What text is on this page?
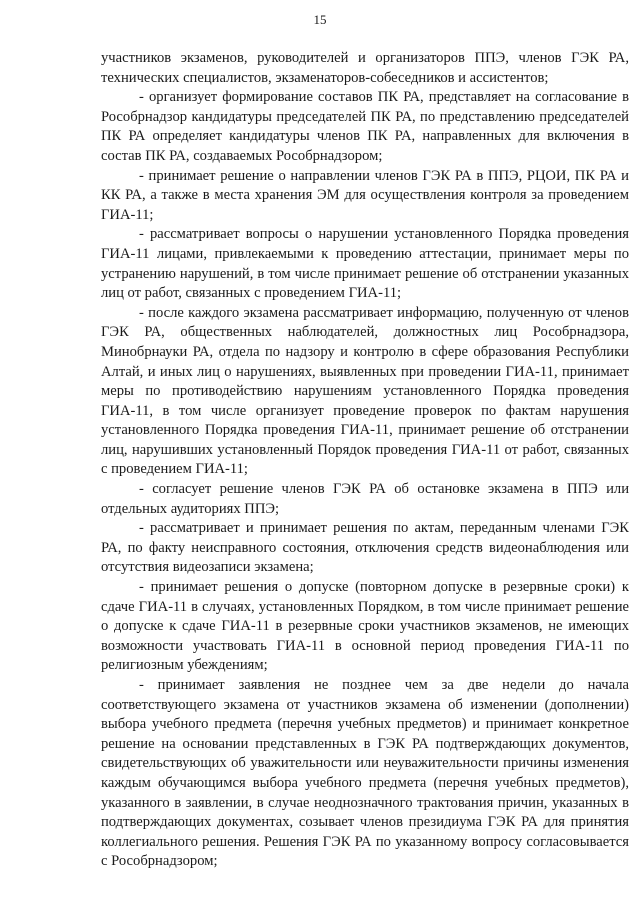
15

участников экзаменов, руководителей и организаторов ППЭ, членов ГЭК РА, технических специалистов, экзаменаторов-собеседников и ассистентов;

- организует формирование составов ПК РА, представляет на согласование в Рособрнадзор кандидатуры председателей ПК РА, по представлению председателей ПК РА определяет кандидатуры членов ПК РА, направленных для включения в состав ПК РА, создаваемых Рособрнадзором;

- принимает решение о направлении членов ГЭК РА в ППЭ, РЦОИ, ПК РА и КК РА, а также в места хранения ЭМ для осуществления контроля за проведением ГИА-11;

- рассматривает вопросы о нарушении установленного Порядка проведения ГИА-11 лицами, привлекаемыми к проведению аттестации, принимает меры по устранению нарушений, в том числе принимает решение об отстранении указанных лиц от работ, связанных с проведением ГИА-11;

- после каждого экзамена рассматривает информацию, полученную от членов ГЭК РА, общественных наблюдателей, должностных лиц Рособрнадзора, Минобрнауки РА, отдела по надзору и контролю в сфере образования Республики Алтай, и иных лиц о нарушениях, выявленных при проведении ГИА-11, принимает меры по противодействию нарушениям установленного Порядка проведения ГИА-11, в том числе организует проведение проверок по фактам нарушения установленного Порядка проведения ГИА-11, принимает решение об отстранении лиц, нарушивших установленный Порядок проведения ГИА-11 от работ, связанных с проведением ГИА-11;

- согласует решение членов ГЭК РА об остановке экзамена в ППЭ или отдельных аудиториях ППЭ;

- рассматривает и принимает решения по актам, переданным членами ГЭК РА, по факту неисправного состояния, отключения средств видеонаблюдения или отсутствия видеозаписи экзамена;

- принимает решения о допуске (повторном допуске в резервные сроки) к сдаче ГИА-11 в случаях, установленных Порядком, в том числе принимает решение о допуске к сдаче ГИА-11 в резервные сроки участников экзаменов, не имеющих возможности участвовать ГИА-11 в основной период проведения ГИА-11 по религиозным убеждениям;

- принимает заявления не позднее чем за две недели до начала соответствующего экзамена от участников экзамена об изменении (дополнении) выбора учебного предмета (перечня учебных предметов) и принимает конкретное решение на основании представленных в ГЭК РА подтверждающих документов, свидетельствующих об уважительности или неуважительности причины изменения каждым обучающимся выбора учебного предмета (перечня учебных предметов), указанного в заявлении, в случае неоднозначного трактования причин, указанных в подтверждающих документах, созывает членов президиума ГЭК РА для принятия коллегиального решения. Решения ГЭК РА по указанному вопросу согласовывается с Рособрнадзором;
